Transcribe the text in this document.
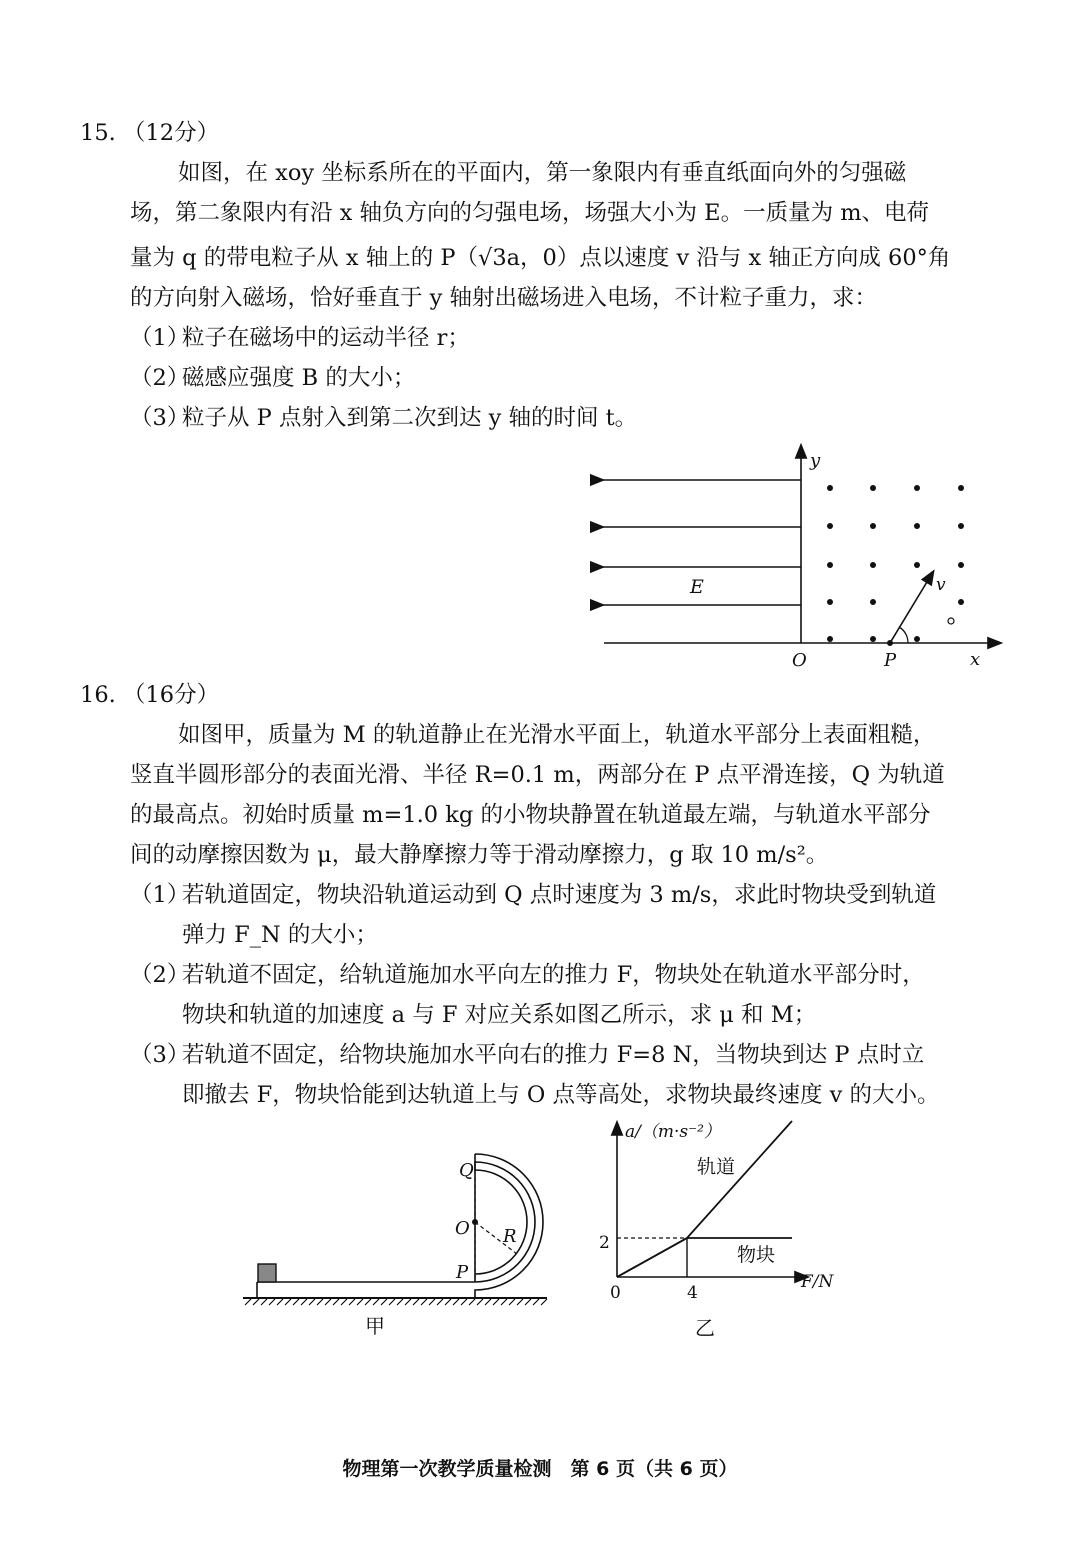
15. （12分）
如图，在 xoy 坐标系所在的平面内，第一象限内有垂直纸面向外的匀强磁
场，第二象限内有沿 x 轴负方向的匀强电场，场强大小为 E。一质量为 m、电荷
量为 q 的带电粒子从 x 轴上的 P（√3a，0）点以速度 v 沿与 x 轴正方向成 60°角
的方向射入磁场，恰好垂直于 y 轴射出磁场进入电场，不计粒子重力，求：
（1）
粒子在磁场中的运动半径 r；
（2）
磁感应强度 B 的大小；
（3）
粒子从 P 点射入到第二次到达 y 轴的时间 t。
y
x
O	P
E	v
16. （16分）
如图甲，质量为 M 的轨道静止在光滑水平面上，轨道水平部分上表面粗糙，
竖直半圆形部分的表面光滑、半径 R=0.1 m，两部分在 P 点平滑连接，Q 为轨道
的最高点。初始时质量 m=1.0 kg 的小物块静置在轨道最左端，与轨道水平部分
间的动摩擦因数为 μ，最大静摩擦力等于滑动摩擦力，g 取 10 m/s²。
（1）
若轨道固定，物块沿轨道运动到 Q 点时速度为 3 m/s，求此时物块受到轨道
弹力 F_N 的大小；
（2）
若轨道不固定，给轨道施加水平向左的推力 F，物块处在轨道水平部分时，
物块和轨道的加速度 a 与 F 对应关系如图乙所示，求 μ 和 M；
（3）
若轨道不固定，给物块施加水平向右的推力 F=8 N，当物块到达 P 点时立
即撤去 F，物块恰能到达轨道上与 O 点等高处，求物块最终速度 v 的大小。
Q
O R
P
甲
a/（m·s⁻²）
F/N
0
2
4
轨道
物块
乙
物理第一次教学质量检测　第 6 页（共 6 页）
